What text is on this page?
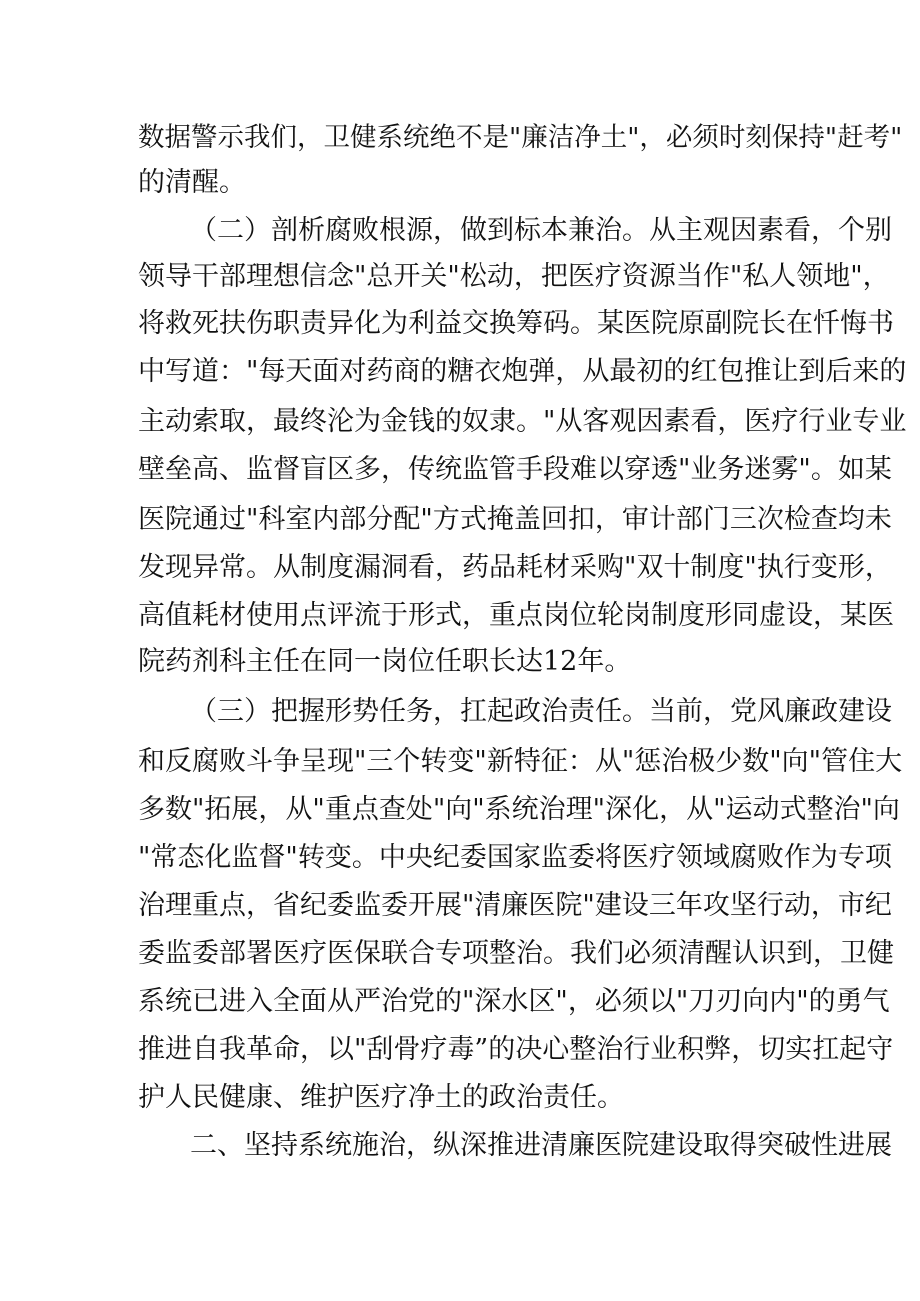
数据警示我们，卫健系统绝不是"廉洁净土"，必须时刻保持"赶考"
的清醒。
（二）剖析腐败根源，做到标本兼治。从主观因素看，个别
领导干部理想信念"总开关"松动，把医疗资源当作"私人领地"，
将救死扶伤职责异化为利益交换筹码。某医院原副院长在忏悔书
中写道："每天面对药商的糖衣炮弹，从最初的红包推让到后来的
主动索取，最终沦为金钱的奴隶。"从客观因素看，医疗行业专业
壁垒高、监督盲区多，传统监管手段难以穿透"业务迷雾"。如某
医院通过"科室内部分配"方式掩盖回扣，审计部门三次检查均未
发现异常。从制度漏洞看，药品耗材采购"双十制度"执行变形，
高值耗材使用点评流于形式，重点岗位轮岗制度形同虚设，某医
院药剂科主任在同一岗位任职长达12年。
（三）把握形势任务，扛起政治责任。当前，党风廉政建设
和反腐败斗争呈现"三个转变"新特征：从"惩治极少数"向"管住大
多数"拓展，从"重点查处"向"系统治理"深化，从"运动式整治"向
"常态化监督"转变。中央纪委国家监委将医疗领域腐败作为专项
治理重点，省纪委监委开展"清廉医院"建设三年攻坚行动，市纪
委监委部署医疗医保联合专项整治。我们必须清醒认识到，卫健
系统已进入全面从严治党的"深水区"，必须以"刀刃向内"的勇气
推进自我革命，以"刮骨疗毒”的决心整治行业积弊，切实扛起守
护人民健康、维护医疗净土的政治责任。
二、坚持系统施治，纵深推进清廉医院建设取得突破性进展
